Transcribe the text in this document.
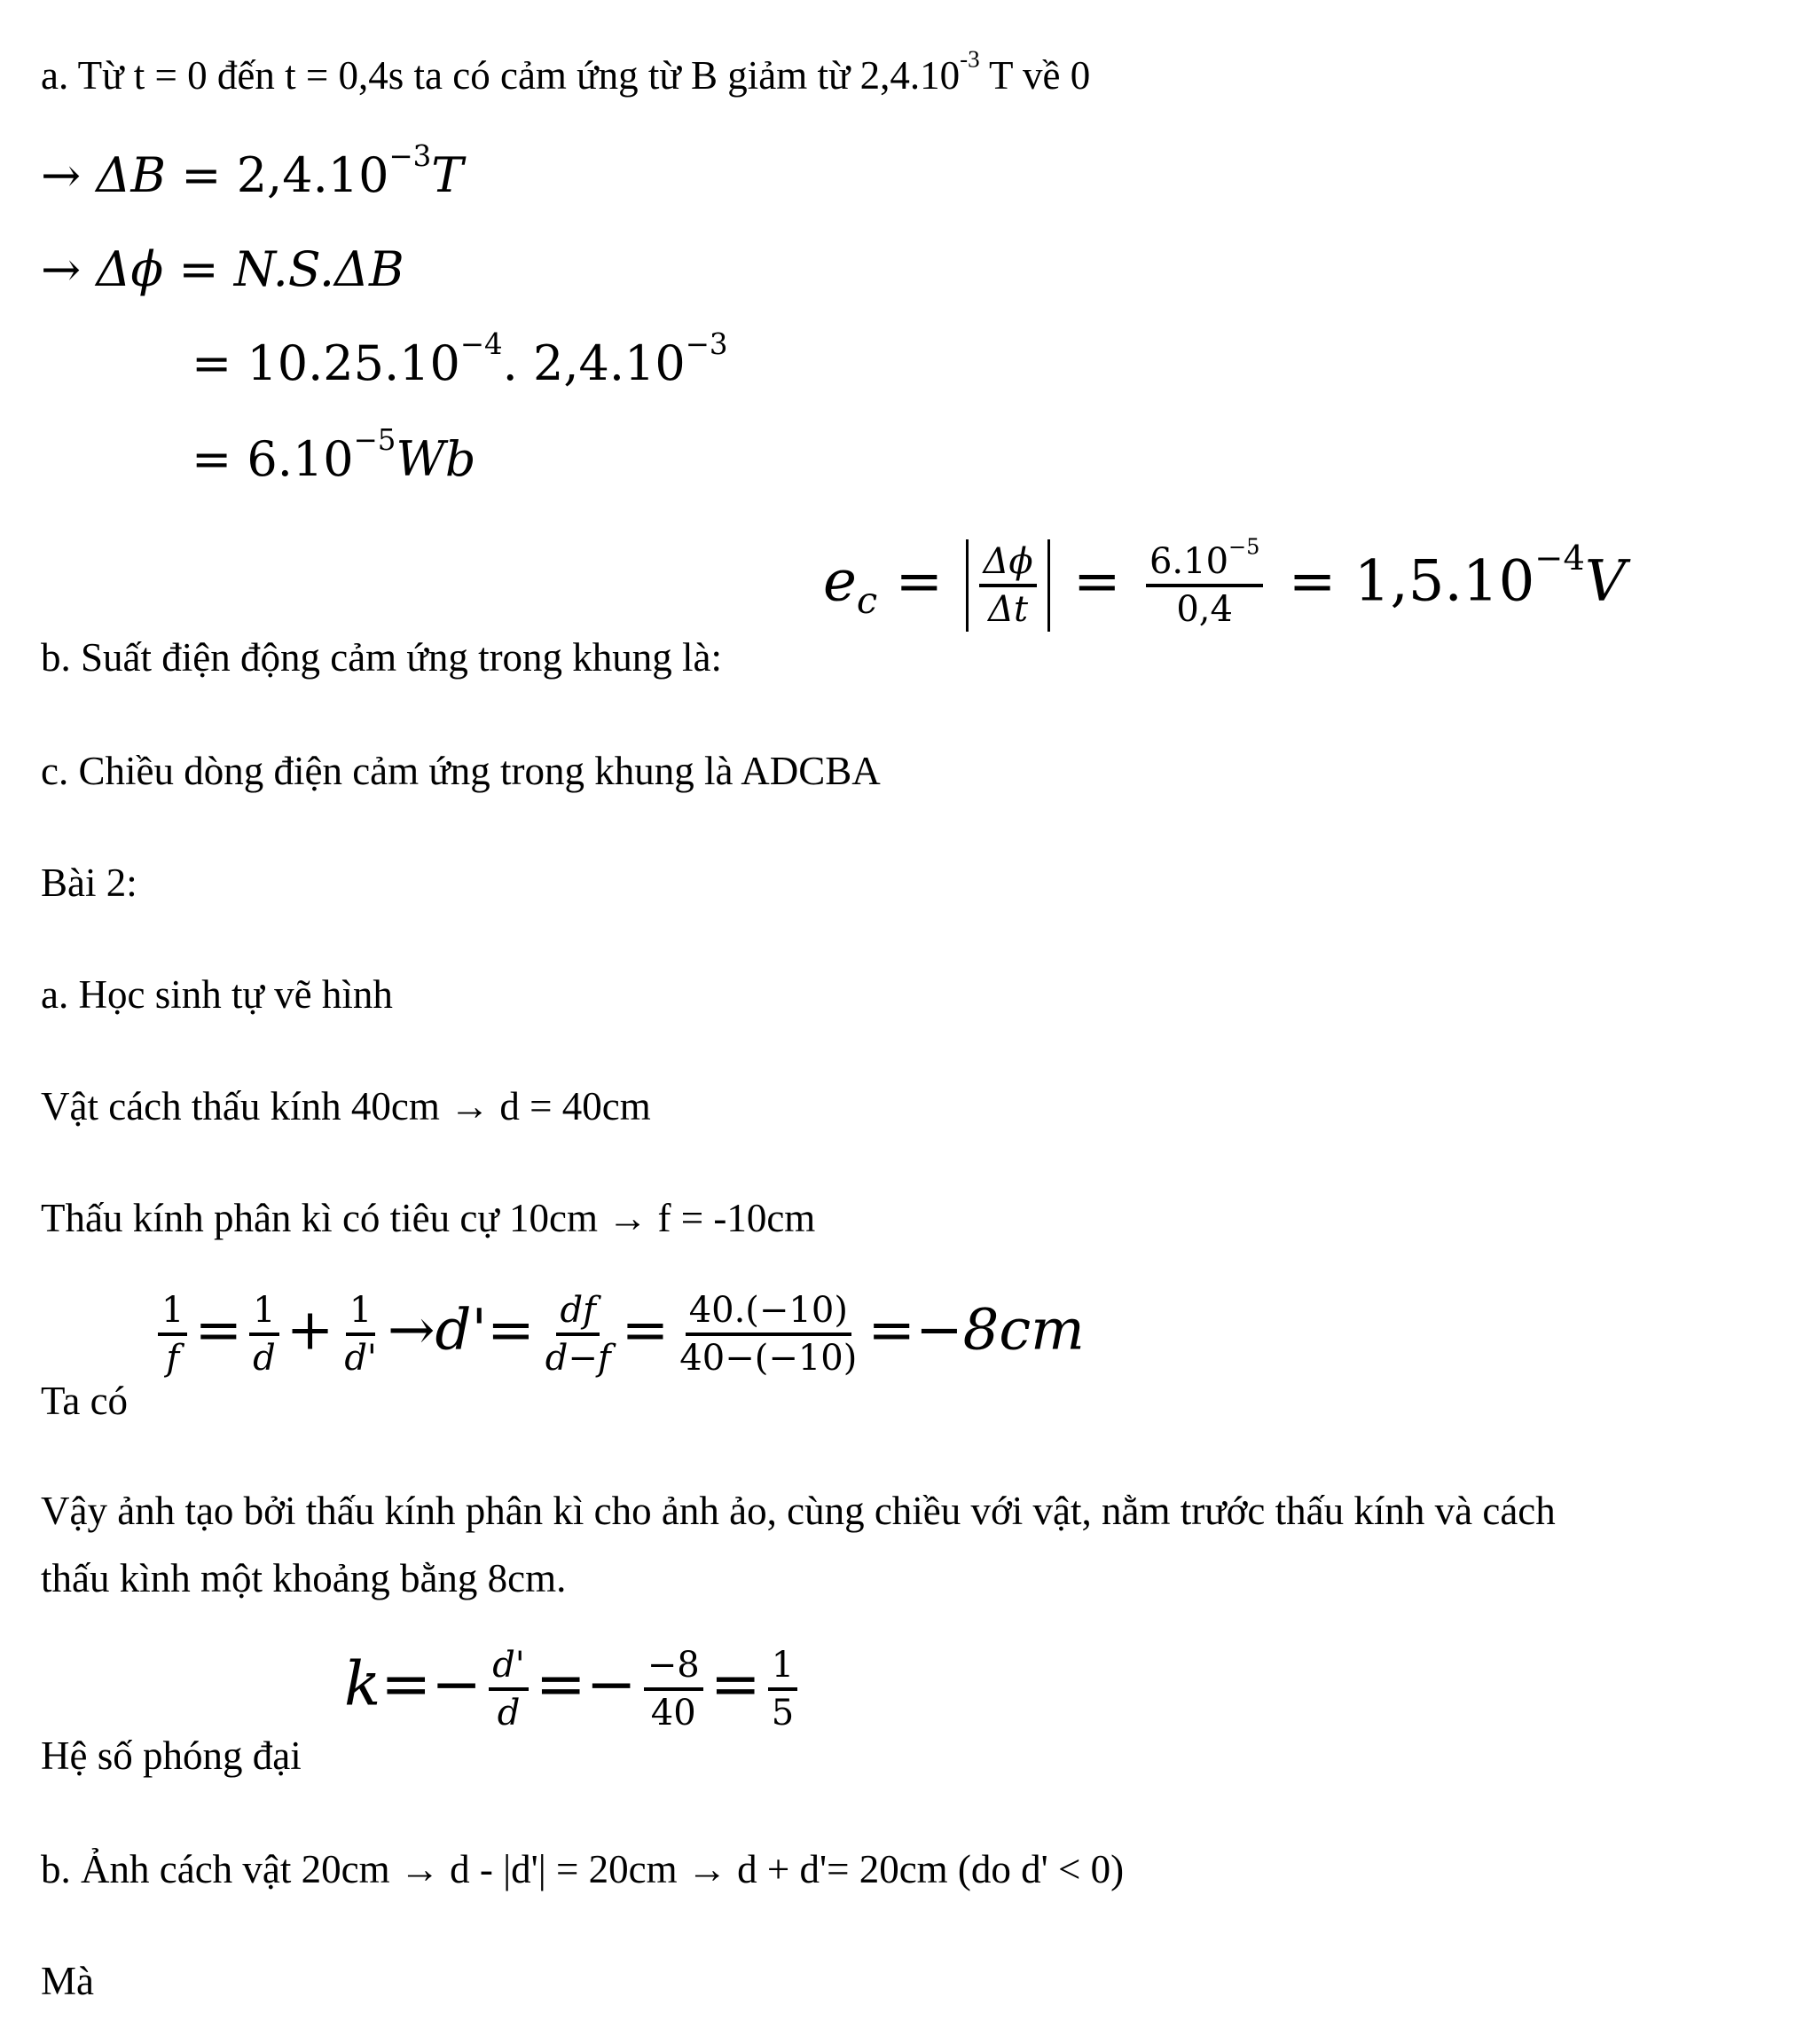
a. Từ t = 0 đến t = 0,4s ta có cảm ứng từ B giảm từ $2,4.10^{-3}$ T về 0
→ $\Delta B = 2,4.10^{-3}T$
→ Δϕ = N.S.ΔB
= $10.25.10^{-4}$. $2,4.10^{-3}$
= $6.10^{-5}Wb$
b. Suất điện động cảm ứng trong khung là:
$e_c = \frac{\Delta\phi}{\Delta t} = \frac{6.10^{-5}}{0,4} = 1,5.10^{-4}V$
c. Chiều dòng điện cảm ứng trong khung là ADCBA
Bài 2:
a. Học sinh tự vẽ hình
Vật cách thấu kính 40cm → d = 40cm
Thấu kính phân kì có tiêu cự 10cm → f = -10cm
Ta có
$\frac{1}{f} = \frac{1}{d} + \frac{1}{d'} \to d'= \frac{df}{d-f} = \frac{40.(-10)}{40-(-10)} =-8cm$
Vậy ảnh tạo bởi thấu kính phân kì cho ảnh ảo, cùng chiều với vật, nằm trước thấu kính và cách
thấu kình một khoảng bằng 8cm.
Hệ số phóng đại
$k=- \frac{d'}{d} =- \frac{-8}{40} = \frac{1}{5}$
b. Ảnh cách vật 20cm → d - |d'| = 20cm → d + d'= 20cm (do d' < 0)
Mà
